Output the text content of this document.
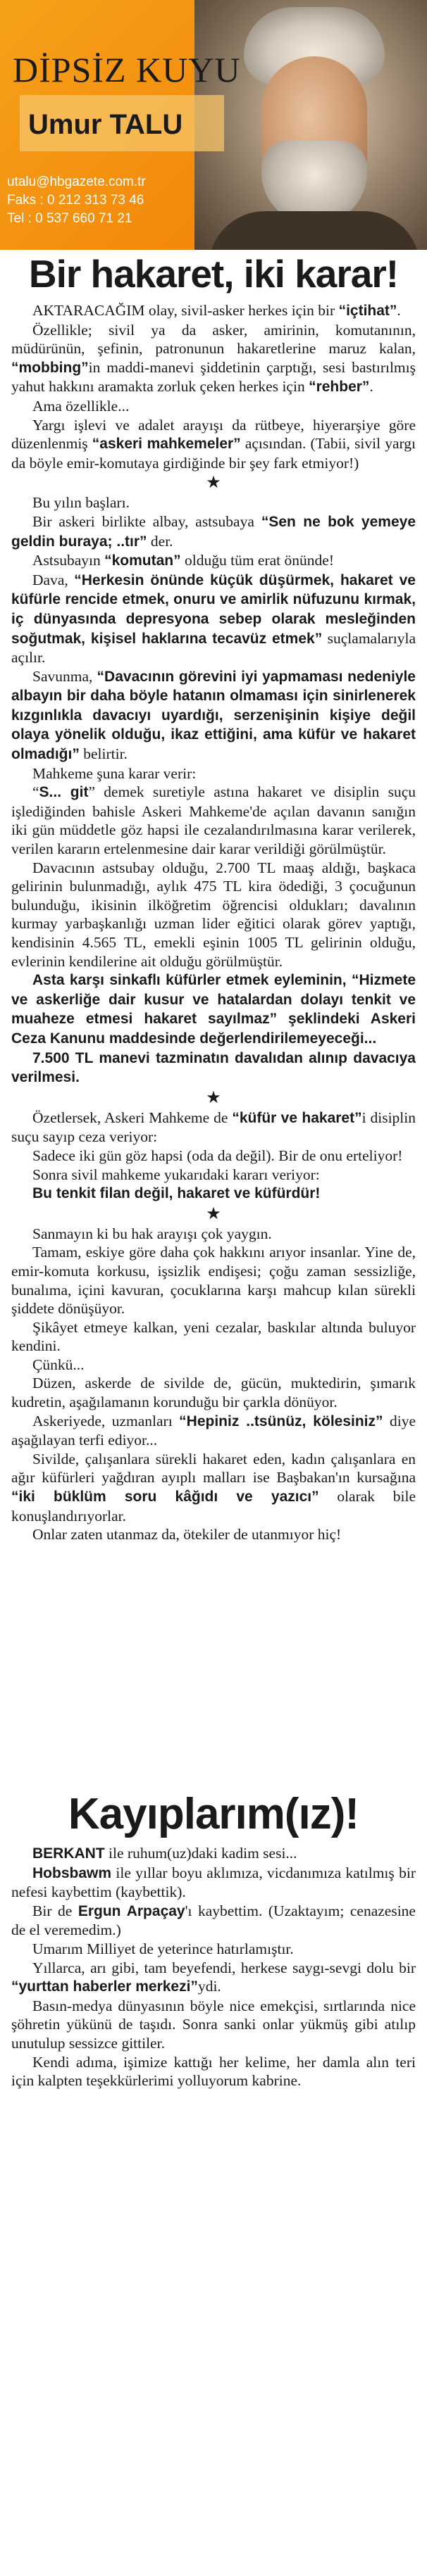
DİPSİZ KUYU
Umur TALU
utalu@hbgazete.com.tr
Faks : 0 212 313 73 46
Tel : 0 537 660 71 21
Bir hakaret, iki karar!

AKTARACAĞIM olay, sivil-asker herkes için bir “içtihat”.

Özellikle; sivil ya da asker, amirinin, komutanının, müdürünün, şefinin, patronunun hakaretlerine maruz kalan, “mobbing”in maddi-manevi şiddetinin çarptığı, sesi bastırılmış yahut hakkını aramakta zorluk çeken herkes için “rehber”.

Ama özellikle...

Yargı işlevi ve adalet arayışı da rütbeye, hiyerarşiye göre düzenlenmiş “askeri mahkemeler” açısından. (Tabii, sivil yargı da böyle emir-komutaya girdiğinde bir şey fark etmiyor!)

★

Bu yılın başları.

Bir askeri birlikte albay, astsubaya “Sen ne bok yemeye geldin buraya; ..tır” der.

Astsubayın “komutan” olduğu tüm erat önünde!

Dava, “Herkesin önünde küçük düşürmek, hakaret ve küfürle rencide etmek, onuru ve amirlik nüfuzunu kırmak, iç dünyasında depresyona sebep olarak mesleğinden soğutmak, kişisel haklarına tecavüz etmek” suçlamalarıyla açılır.

Savunma, “Davacının görevini iyi yapmaması nedeniyle albayın bir daha böyle hatanın olmaması için sinirlenerek kızgınlıkla davacıyı uyardığı, serzenişinin kişiye değil olaya yönelik olduğu, ikaz ettiğini, ama küfür ve hakaret olmadığı” belirtir.

Mahkeme şuna karar verir:

“S... git” demek suretiyle astına hakaret ve disiplin suçu işlediğinden bahisle Askeri Mahkeme'de açılan davanın sanığın iki gün müddetle göz hapsi ile cezalandırılmasına karar verilerek, verilen kararın ertelenmesine dair karar verildiği görülmüştür.

Davacının astsubay olduğu, 2.700 TL maaş aldığı, başkaca gelirinin bulunmadığı, aylık 475 TL kira ödediği, 3 çocuğunun bulunduğu, ikisinin ilköğretim öğrencisi oldukları; davalının kurmay yarbaşkanlığı uzman lider eğitici olarak görev yaptığı, kendisinin 4.565 TL, emekli eşinin 1005 TL gelirinin olduğu, evlerinin kendilerine ait olduğu görülmüştür.

Asta karşı sinkaflı küfürler etmek eyleminin, “Hizmete ve askerliğe dair kusur ve hatalardan dolayı tenkit ve muaheze etmesi hakaret sayılmaz” şeklindeki Askeri Ceza Kanunu maddesinde değerlendirilemeyeceği...

7.500 TL manevi tazminatın davalıdan alınıp davacıya verilmesi.

★

Özetlersek, Askeri Mahkeme de “küfür ve hakaret”i disiplin suçu sayıp ceza veriyor:

Sadece iki gün göz hapsi (oda da değil). Bir de onu erteliyor!

Sonra sivil mahkeme yukarıdaki kararı veriyor:

Bu tenkit filan değil, hakaret ve küfürdür!

★

Sanmayın ki bu hak arayışı çok yaygın.

Tamam, eskiye göre daha çok hakkını arıyor insanlar. Yine de, emir-komuta korkusu, işsizlik endişesi; çoğu zaman sessizliğe, bunalıma, içini kavuran, çocuklarına karşı mahcup kılan sürekli şiddete dönüşüyor.

Şikâyet etmeye kalkan, yeni cezalar, baskılar altında buluyor kendini.

Çünkü...

Düzen, askerde de sivilde de, gücün, muktedirin, şımarık kudretin, aşağılamanın korunduğu bir çarkla dönüyor.

Askeriyede, uzmanları “Hepiniz ..tsünüz, kölesiniz” diye aşağılayan terfi ediyor...

Sivilde, çalışanlara sürekli hakaret eden, kadın çalışanlara en ağır küfürleri yağdıran ayıplı malları ise Başbakan'ın kursağına “iki büklüm soru kâğıdı ve yazıcı” olarak bile konuşlandırıyorlar.

Onlar zaten utanmaz da, ötekiler de utanmıyor hiç!

Kayıplarım(ız)!

BERKANT ile ruhum(uz)daki kadim sesi...

Hobsbawm ile yıllar boyu aklımıza, vicdanımıza katılmış bir nefesi kaybettim (kaybettik).

Bir de Ergun Arpaçay'ı kaybettim. (Uzaktayım; cenazesine de el veremedim.)

Umarım Milliyet de yeterince hatırlamıştır.

Yıllarca, arı gibi, tam beyefendi, herkese saygı-sevgi dolu bir “yurttan haberler merkezi”ydi.

Basın-medya dünyasının böyle nice emekçisi, sırtlarında nice şöhretin yükünü de taşıdı. Sonra sanki onlar yükmüş gibi atılıp unutulup sessizce gittiler.

Kendi adıma, işimize kattığı her kelime, her damla alın teri için kalpten teşekkürlerimi yolluyorum kabrine.
